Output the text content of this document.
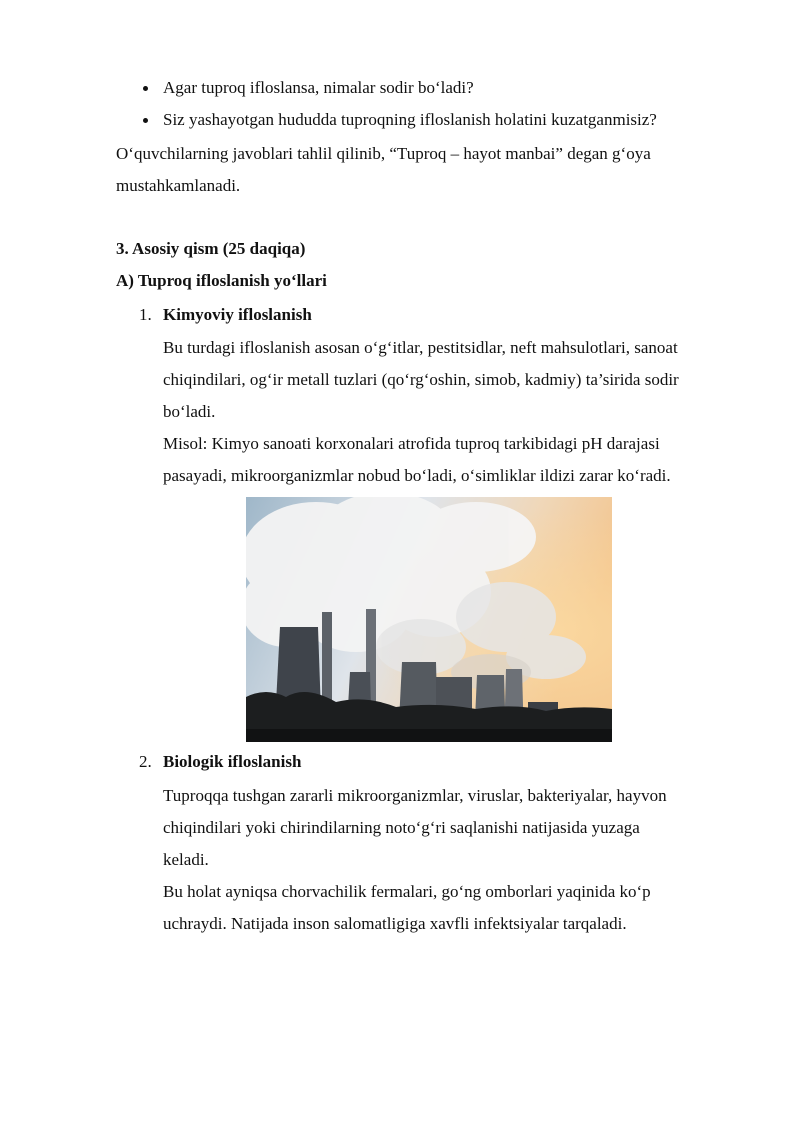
Agar tuproq ifloslansa, nimalar sodir bo‘ladi?
Siz yashayotgan hududda tuproqning ifloslanish holatini kuzatganmisiz?
O‘quvchilarning javoblari tahlil qilinib, “Tuproq – hayot manbai” degan g‘oya
mustahkamlanadi.
3. Asosiy qism (25 daqiqa)
A) Tuproq ifloslanish yo‘llari
1. Kimyoviy ifloslanish
Bu turdagi ifloslanish asosan o‘g‘itlar, pestitsidlar, neft mahsulotlari, sanoat
chiqindilari, og‘ir metall tuzlari (qo‘rg‘oshin, simob, kadmiy) ta’sirida sodir
bo‘ladi.
Misol: Kimyo sanoati korxonalari atrofida tuproq tarkibidagi pH darajasi
pasayadi, mikroorganizmlar nobud bo‘ladi, o‘simliklar ildizi zarar ko‘radi.
2. Biologik ifloslanish
Tuproqqa tushgan zararli mikroorganizmlar, viruslar, bakteriyalar, hayvon
chiqindilari yoki chirindilarning noto‘g‘ri saqlanishi natijasida yuzaga
keladi.
Bu holat ayniqsa chorvachilik fermalari, go‘ng omborlari yaqinida ko‘p
uchraydi. Natijada inson salomatligiga xavfli infektsiyalar tarqaladi.
